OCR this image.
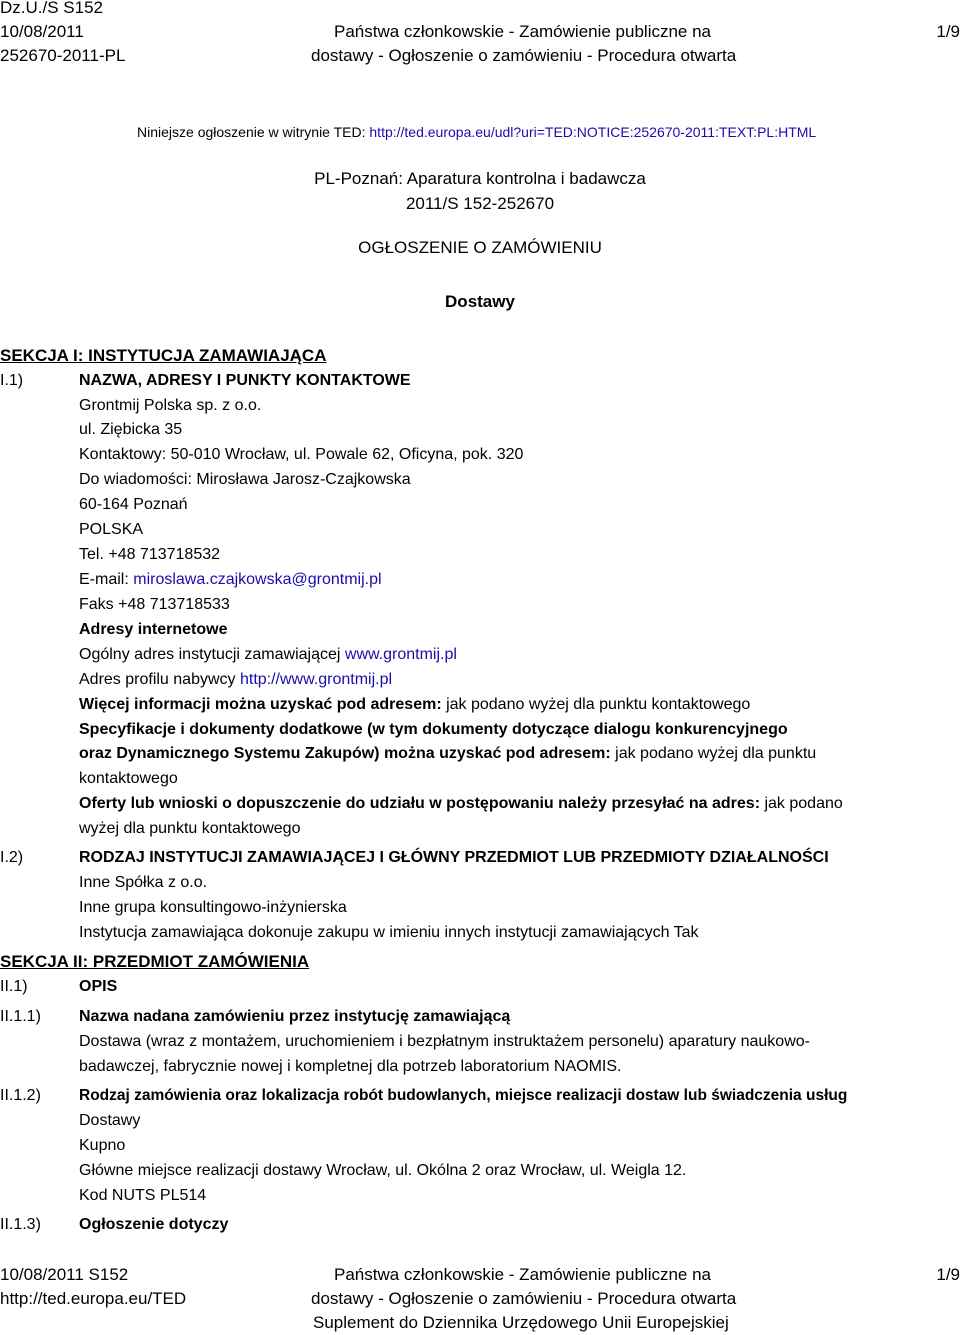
Dz.U./S S152
10/08/2011
252670-2011-PL
Państwa członkowskie - Zamówienie publiczne na
dostawy - Ogłoszenie o zamówieniu - Procedura otwarta
1/9
Niniejsze ogłoszenie w witrynie TED: http://ted.europa.eu/udl?uri=TED:NOTICE:252670-2011:TEXT:PL:HTML
PL-Poznań: Aparatura kontrolna i badawcza
2011/S 152-252670
OGŁOSZENIE O ZAMÓWIENIU
Dostawy
SEKCJA I: INSTYTUCJA ZAMAWIAJĄCA
I.1)	NAZWA, ADRESY I PUNKTY KONTAKTOWE
Grontmij Polska sp. z o.o.
ul. Ziębicka 35
Kontaktowy: 50-010 Wrocław, ul. Powale 62, Oficyna, pok. 320
Do wiadomości: Mirosława Jarosz-Czajkowska
60-164 Poznań
POLSKA
Tel. +48 713718532
E-mail: miroslawa.czajkowska@grontmij.pl
Faks +48 713718533
Adresy internetowe
Ogólny adres instytucji zamawiającej www.grontmij.pl
Adres profilu nabywcy http://www.grontmij.pl
Więcej informacji można uzyskać pod adresem: jak podano wyżej dla punktu kontaktowego
Specyfikacje i dokumenty dodatkowe (w tym dokumenty dotyczące dialogu konkurencyjnego
oraz Dynamicznego Systemu Zakupów) można uzyskać pod adresem: jak podano wyżej dla punktu
kontaktowego
Oferty lub wnioski o dopuszczenie do udziału w postępowaniu należy przesyłać na adres: jak podano
wyżej dla punktu kontaktowego
I.2)	RODZAJ INSTYTUCJI ZAMAWIAJĄCEJ I GŁÓWNY PRZEDMIOT LUB PRZEDMIOTY DZIAŁALNOŚCI
Inne Spółka z o.o.
Inne grupa konsultingowo-inżynierska
Instytucja zamawiająca dokonuje zakupu w imieniu innych instytucji zamawiających Tak
SEKCJA II: PRZEDMIOT ZAMÓWIENIA
II.1)	OPIS
II.1.1) Nazwa nadana zamówieniu przez instytucję zamawiającą
Dostawa (wraz z montażem, uruchomieniem i bezpłatnym instruktażem personelu) aparatury naukowo-
badawczej, fabrycznie nowej i kompletnej dla potrzeb laboratorium NAOMIS.
II.1.2) Rodzaj zamówienia oraz lokalizacja robót budowlanych, miejsce realizacji dostaw lub świadczenia usług
Dostawy
Kupno
Główne miejsce realizacji dostawy Wrocław, ul. Okólna 2 oraz Wrocław, ul. Weigla 12.
Kod NUTS PL514
II.1.3) Ogłoszenie dotyczy
10/08/2011 S152
http://ted.europa.eu/TED
Państwa członkowskie - Zamówienie publiczne na
dostawy - Ogłoszenie o zamówieniu - Procedura otwarta
Suplement do Dziennika Urzędowego Unii Europejskiej
1/9
